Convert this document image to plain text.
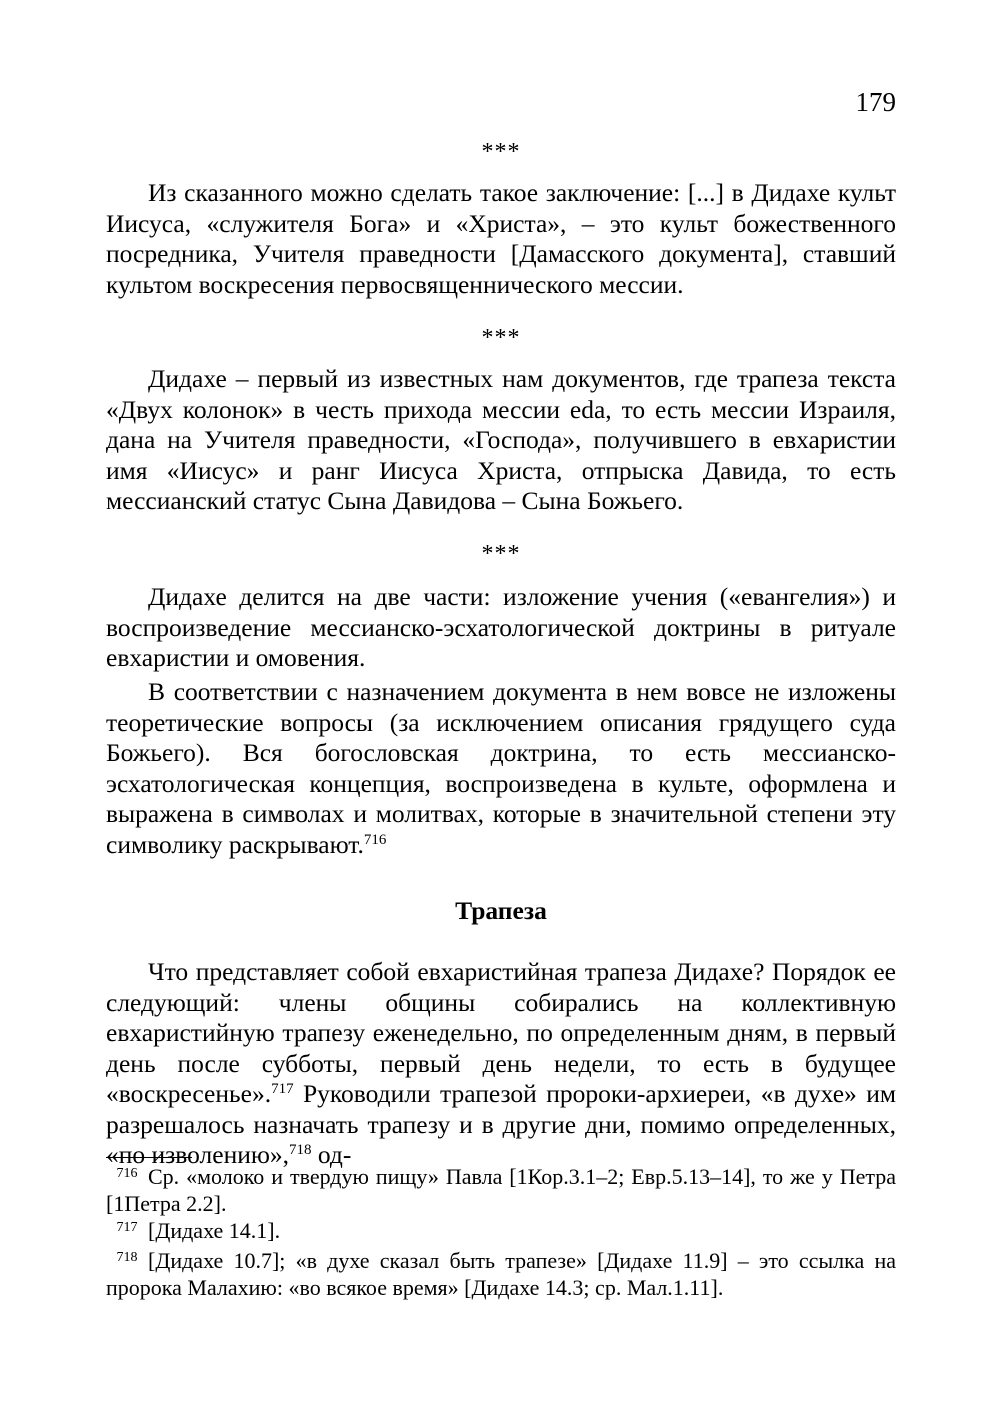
179
***

Из сказанного можно сделать такое заключение: [...] в Дидахе культ Иисуса, «служителя Бога» и «Христа», – это культ божественного посредника, Учителя праведности [Дамасского документа], ставший культом воскресения первосвященнического мессии.

***

Дидахе – первый из известных нам документов, где трапеза текста «Двух колонок» в честь прихода мессии eda, то есть мессии Израиля, дана на Учителя праведности, «Господа», получившего в евхаристии имя «Иисус» и ранг Иисуса Христа, отпрыска Давида, то есть мессианский статус Сына Давидова – Сына Божьего.

***

Дидахе делится на две части: изложение учения («евангелия») и воспроизведение мессианско-эсхатологической доктрины в ритуале евхаристии и омовения.

В соответствии с назначением документа в нем вовсе не изложены теоретические вопросы (за исключением описания грядущего суда Божьего). Вся богословская доктрина, то есть мессианско-эсхатологическая концепция, воспроизведена в культе, оформлена и выражена в символах и молитвах, которые в значительной степени эту символику раскрывают.$^{716}$

Трапеза

Что представляет собой евхаристийная трапеза Дидахе? Порядок ее следующий: члены общины собирались на коллективную евхаристийную трапезу еженедельно, по определенным дням, в первый день после субботы, первый день недели, то есть в будущее «воскресенье».$^{717}$ Руководили трапезой пророки-архиереи, «в духе» им разрешалось назначать трапезу и в другие дни, помимо определенных, «по изволению»,$^{718}$ од-

716 Ср. «молоко и твердую пищу» Павла [1Кор.3.1–2; Евр.5.13–14], то же у Петра [1Петра 2.2].

717 [Дидахе 14.1].

718 [Дидахе 10.7]; «в духе сказал быть трапезе» [Дидахе 11.9] – это ссылка на пророка Малахию: «во всякое время» [Дидахе 14.3; ср. Мал.1.11].
